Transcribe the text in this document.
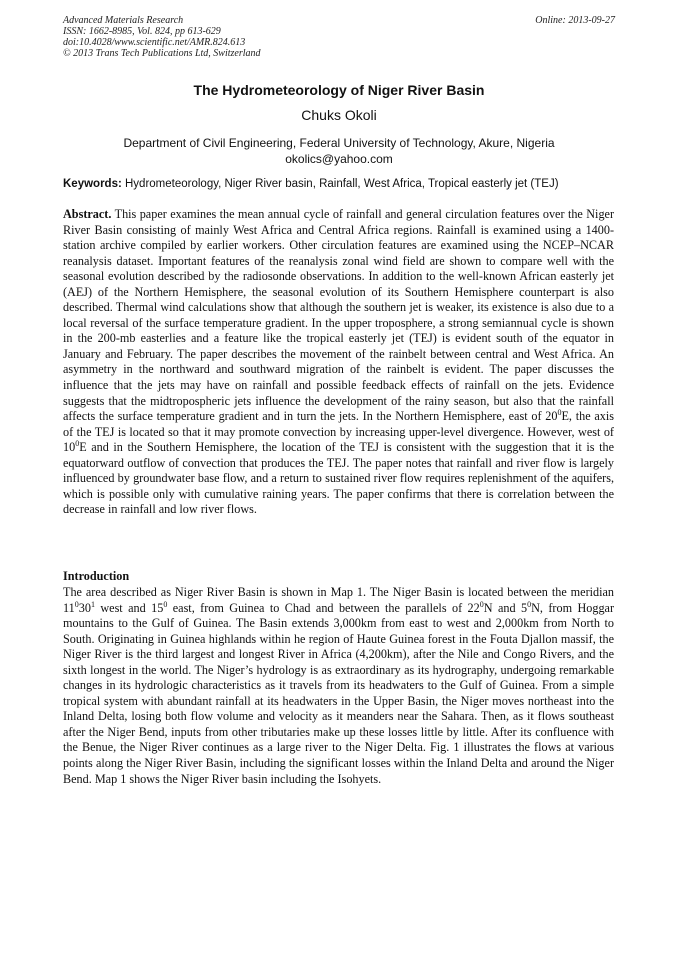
Advanced Materials Research
ISSN: 1662-8985, Vol. 824, pp 613-629
doi:10.4028/www.scientific.net/AMR.824.613
© 2013 Trans Tech Publications Ltd, Switzerland
Online: 2013-09-27
The Hydrometeorology of Niger River Basin
Chuks Okoli
Department of Civil Engineering, Federal University of Technology, Akure, Nigeria
okolics@yahoo.com
Keywords: Hydrometeorology, Niger River basin, Rainfall, West Africa, Tropical easterly jet (TEJ)

Abstract. This paper examines the mean annual cycle of rainfall and general circulation features over the Niger River Basin consisting of mainly West Africa and Central Africa regions. Rainfall is examined using a 1400-station archive compiled by earlier workers. Other circulation features are examined using the NCEP–NCAR reanalysis dataset. Important features of the reanalysis zonal wind field are shown to compare well with the seasonal evolution described by the radiosonde observations. In addition to the well-known African easterly jet (AEJ) of the Northern Hemisphere, the seasonal evolution of its Southern Hemisphere counterpart is also described. Thermal wind calculations show that although the southern jet is weaker, its existence is also due to a local reversal of the surface temperature gradient. In the upper troposphere, a strong semiannual cycle is shown in the 200-mb easterlies and a feature like the tropical easterly jet (TEJ) is evident south of the equator in January and February. The paper describes the movement of the rainbelt between central and West Africa. An asymmetry in the northward and southward migration of the rainbelt is evident. The paper discusses the influence that the jets may have on rainfall and possible feedback effects of rainfall on the jets. Evidence suggests that the midtropospheric jets influence the development of the rainy season, but also that the rainfall affects the surface temperature gradient and in turn the jets. In the Northern Hemisphere, east of $20^0E$, the axis of the TEJ is located so that it may promote convection by increasing upper-level divergence. However, west of $10^0E$ and in the Southern Hemisphere, the location of the TEJ is consistent with the suggestion that it is the equatorward outflow of convection that produces the TEJ. The paper notes that rainfall and river flow is largely influenced by groundwater base flow, and a return to sustained river flow requires replenishment of the aquifers, which is possible only with cumulative raining years. The paper confirms that there is correlation between the decrease in rainfall and low river flows.

Introduction

The area described as Niger River Basin is shown in Map 1. The Niger Basin is located between the meridian $11^030^1$ west and $15^0$ east, from Guinea to Chad and between the parallels of $22^0N$ and $5^0N$, from Hoggar mountains to the Gulf of Guinea. The Basin extends 3,000km from east to west and 2,000km from North to South. Originating in Guinea highlands within he region of Haute Guinea forest in the Fouta Djallon massif, the Niger River is the third largest and longest River in Africa (4,200km), after the Nile and Congo Rivers, and the sixth longest in the world. The Niger’s hydrology is as extraordinary as its hydrography, undergoing remarkable changes in its hydrologic characteristics as it travels from its headwaters to the Gulf of Guinea. From a simple tropical system with abundant rainfall at its headwaters in the Upper Basin, the Niger moves northeast into the Inland Delta, losing both flow volume and velocity as it meanders near the Sahara. Then, as it flows southeast after the Niger Bend, inputs from other tributaries make up these losses little by little. After its confluence with the Benue, the Niger River continues as a large river to the Niger Delta. Fig. 1 illustrates the flows at various points along the Niger River Basin, including the significant losses within the Inland Delta and around the Niger Bend. Map 1 shows the Niger River basin including the Isohyets.
